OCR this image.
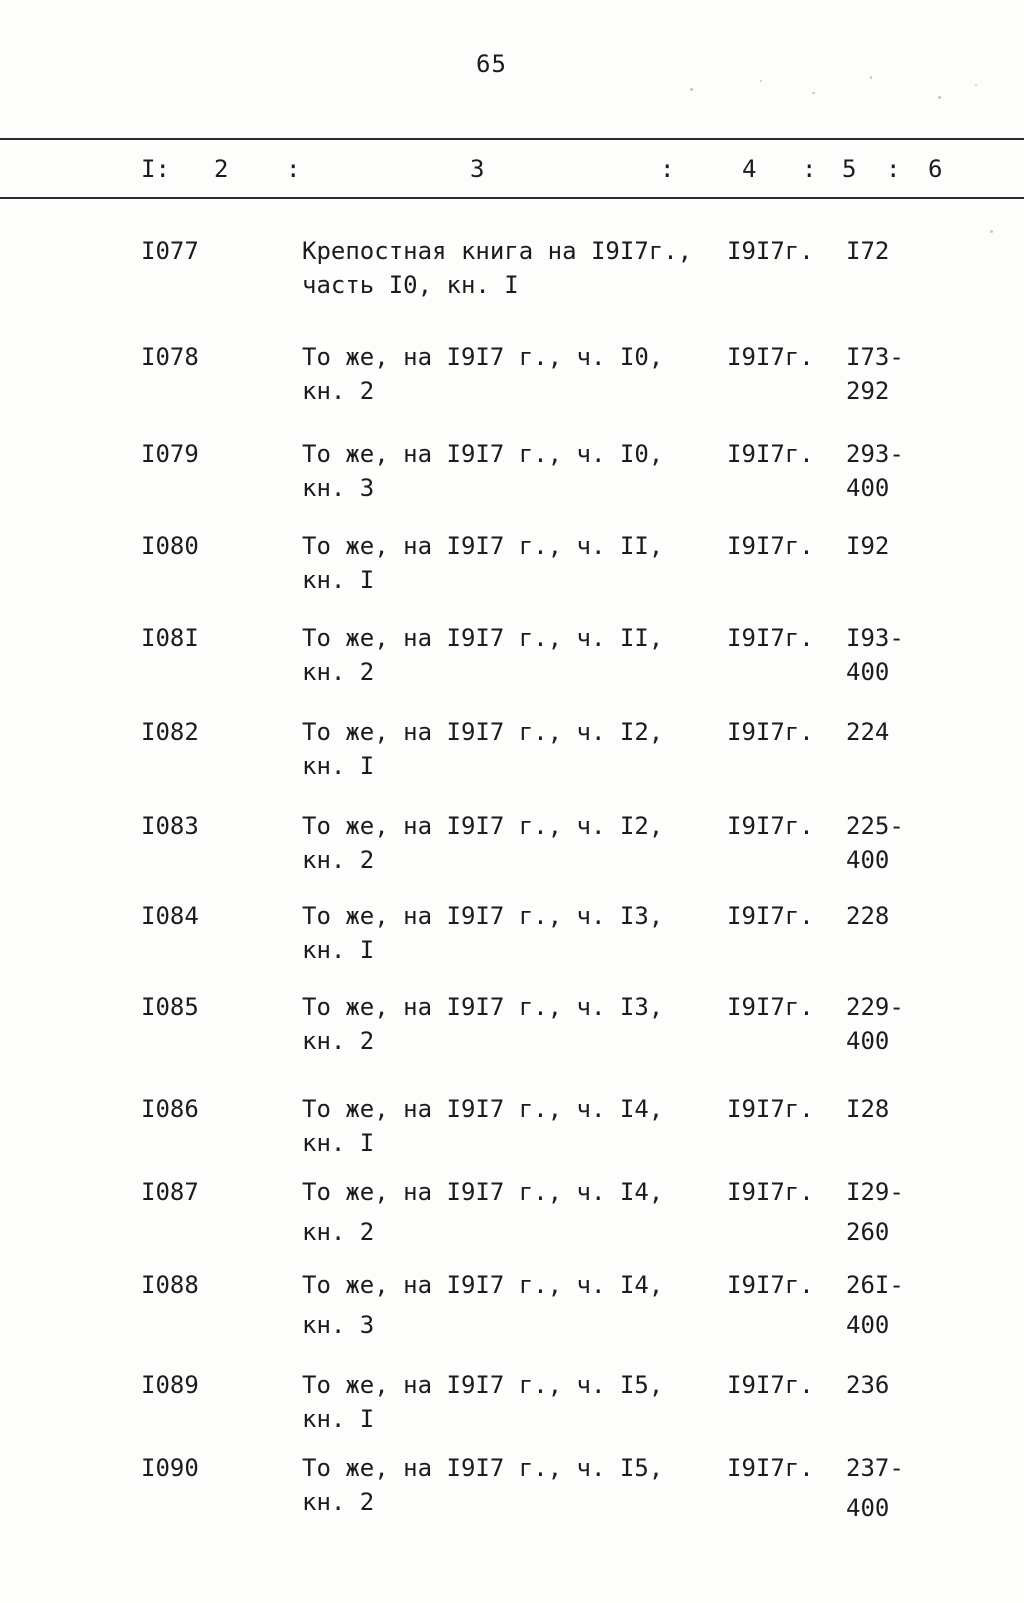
65
I: 2 :	3	:	4 : 5 : 6
I077	Крепостная книга на I9I7г.,
часть I0, кн. I
I9I7г. I72
I078	То же, на I9I7 г., ч. I0,
кн. 2
I9I7г. I73-
292
I079	То же, на I9I7 г., ч. I0,
кн. 3
I9I7г. 293-
400
I080	То же, на I9I7 г., ч. II,
кн. I
I9I7г. I92
I08I	То же, на I9I7 г., ч. II,
кн. 2
I9I7г. I93-
400
I082	То же, на I9I7 г., ч. I2,
кн. I
I9I7г. 224
I083	То же, на I9I7 г., ч. I2,
кн. 2
I9I7г. 225-
400
I084	То же, на I9I7 г., ч. I3,
кн. I
I9I7г. 228
I085	То же, на I9I7 г., ч. I3,
кн. 2
I9I7г. 229-
400
I086	То же, на I9I7 г., ч. I4,
кн. I
I9I7г. I28
I087	То же, на I9I7 г., ч. I4,
кн. 2
I9I7г. I29-
260
I088	То же, на I9I7 г., ч. I4,
кн. 3
I9I7г. 26I-
400
I089	То же, на I9I7 г., ч. I5,
кн. I
I9I7г. 236
I090	То же, на I9I7 г., ч. I5,
кн. 2
I9I7г. 237-
400
